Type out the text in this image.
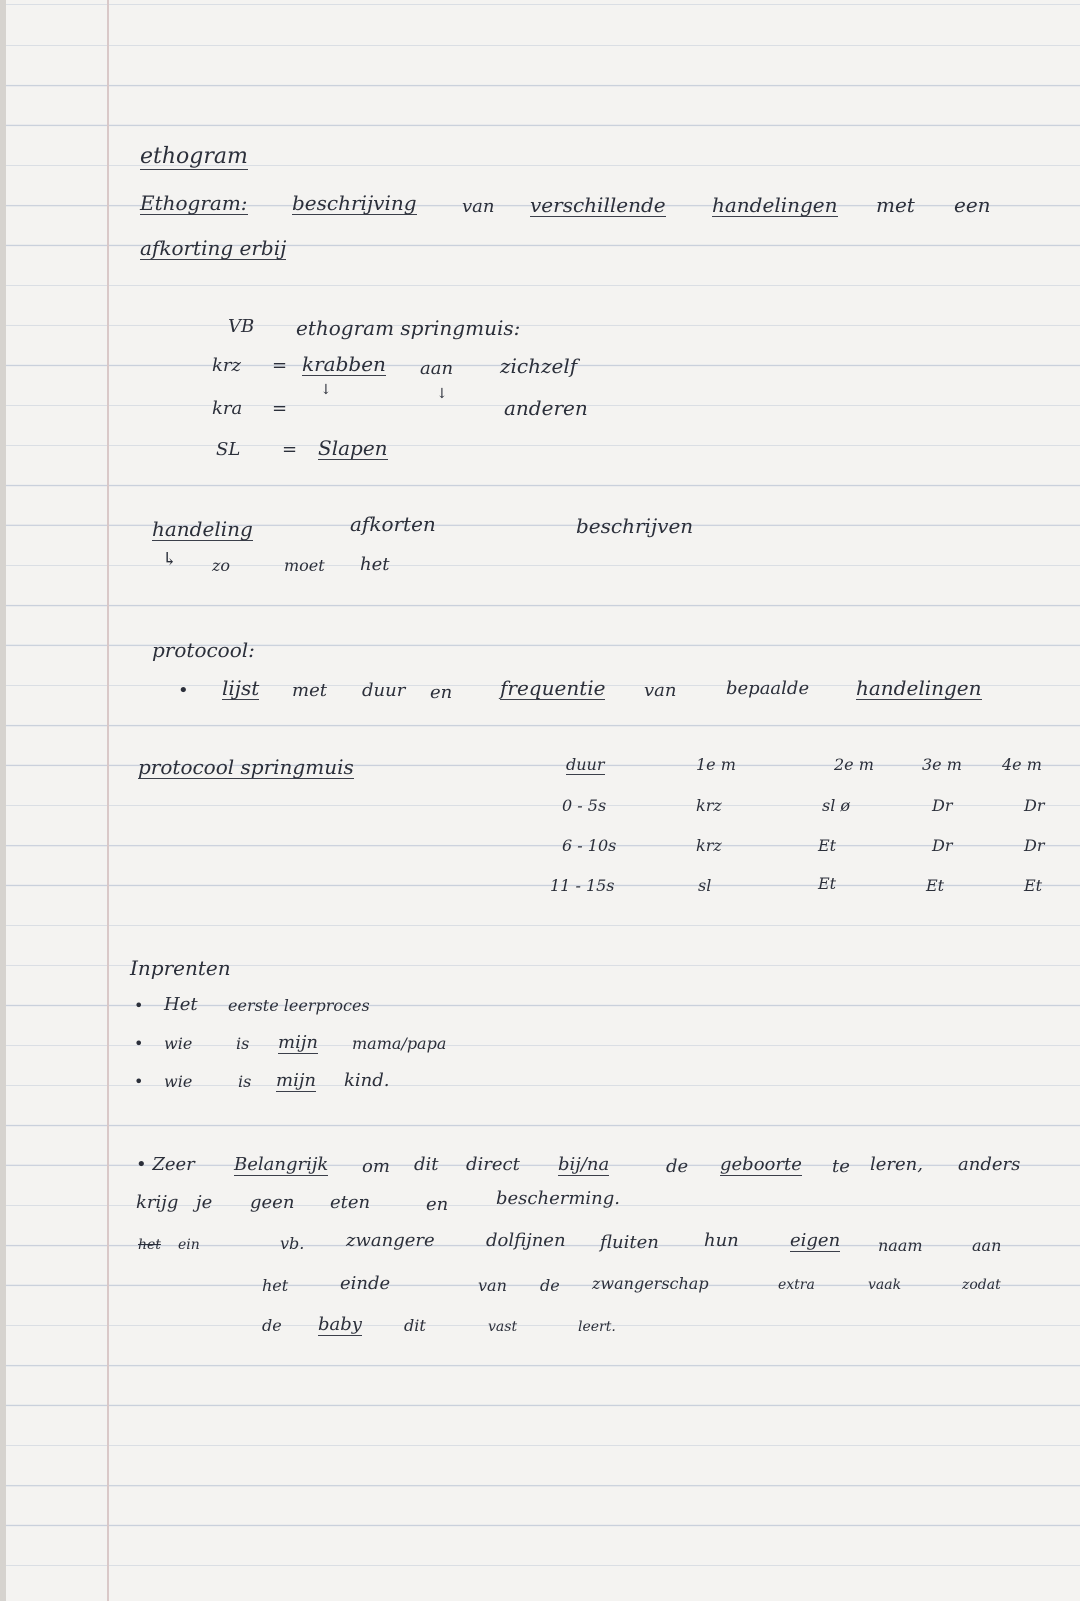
ethogram
Ethogram: beschrijving	van verschillende handelingen met een
afkorting erbij
VB ethogram springmuis:
krz = krabben aan zichzelf
↓	↓
kra =	anderen
SL = Slapen
handeling	afkorten	beschrijven
↳ zo	moet het
protocool:
• lijst met duur en frequentie van	bepaalde handelingen
protocool springmuis	duur	1e m	2e m	3e m	4e m
0 - 5s	krz	sl ø	Dr	Dr
6 - 10s	krz	Et	Dr	Dr
11 - 15s	sl	Et	Et	Et
Inprenten
• Het eerste leerproces
• wie	is mijn mama/papa
• wie	is mijn kind.
• Zeer Belangrijk om dit direct bij/na	de geboorte te leren, anders
krijg je geen eten	en	bescherming.
het ein	vb. zwangere	dolfijnen fluiten	hun	eigen naam	aan
het	einde	van de zwangerschap	extra	vaak	zodat
de baby	dit	vast	leert.
